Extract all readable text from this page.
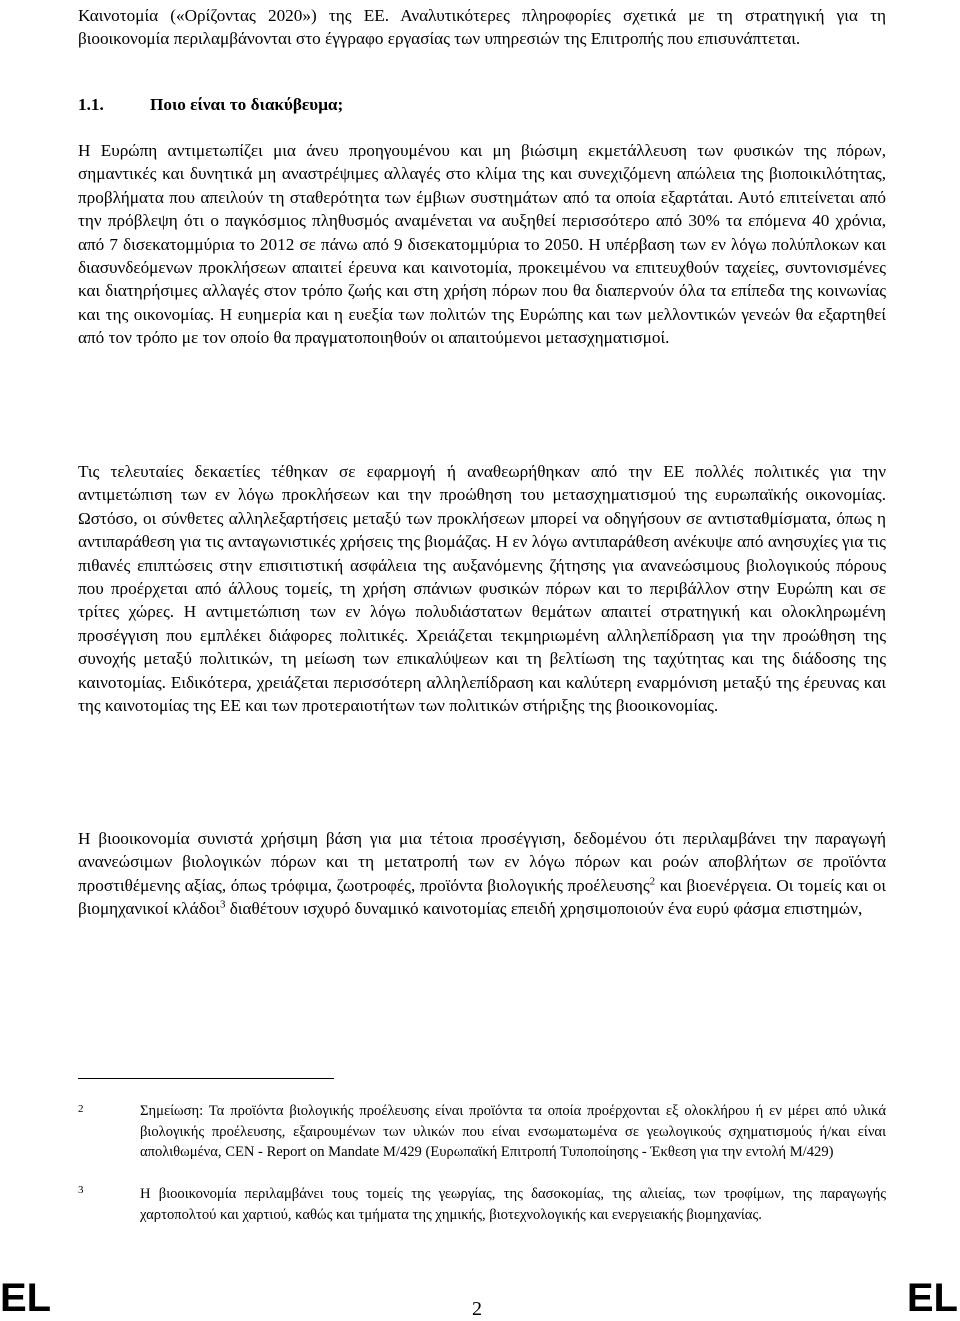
Καινοτομία («Ορίζοντας 2020») της ΕΕ. Αναλυτικότερες πληροφορίες σχετικά με τη στρατηγική για τη βιοοικονομία περιλαμβάνονται στο έγγραφο εργασίας των υπηρεσιών της Επιτροπής που επισυνάπτεται.

1.1.	Ποιο είναι το διακύβευμα;

Η Ευρώπη αντιμετωπίζει μια άνευ προηγουμένου και μη βιώσιμη εκμετάλλευση των φυσικών της πόρων, σημαντικές και δυνητικά μη αναστρέψιμες αλλαγές στο κλίμα της και συνεχιζόμενη απώλεια της βιοποικιλότητας, προβλήματα που απειλούν τη σταθερότητα των έμβιων συστημάτων από τα οποία εξαρτάται. Αυτό επιτείνεται από την πρόβλεψη ότι ο παγκόσμιος πληθυσμός αναμένεται να αυξηθεί περισσότερο από 30% τα επόμενα 40 χρόνια, από 7 δισεκατομμύρια το 2012 σε πάνω από 9 δισεκατομμύρια το 2050. Η υπέρβαση των εν λόγω πολύπλοκων και διασυνδεόμενων προκλήσεων απαιτεί έρευνα και καινοτομία, προκειμένου να επιτευχθούν ταχείες, συντονισμένες και διατηρήσιμες αλλαγές στον τρόπο ζωής και στη χρήση πόρων που θα διαπερνούν όλα τα επίπεδα της κοινωνίας και της οικονομίας. Η ευημερία και η ευεξία των πολιτών της Ευρώπης και των μελλοντικών γενεών θα εξαρτηθεί από τον τρόπο με τον οποίο θα πραγματοποιηθούν οι απαιτούμενοι μετασχηματισμοί.

Τις τελευταίες δεκαετίες τέθηκαν σε εφαρμογή ή αναθεωρήθηκαν από την ΕΕ πολλές πολιτικές για την αντιμετώπιση των εν λόγω προκλήσεων και την προώθηση του μετασχηματισμού της ευρωπαϊκής οικονομίας. Ωστόσο, οι σύνθετες αλληλεξαρτήσεις μεταξύ των προκλήσεων μπορεί να οδηγήσουν σε αντισταθμίσματα, όπως η αντιπαράθεση για τις ανταγωνιστικές χρήσεις της βιομάζας. Η εν λόγω αντιπαράθεση ανέκυψε από ανησυχίες για τις πιθανές επιπτώσεις στην επισιτιστική ασφάλεια της αυξανόμενης ζήτησης για ανανεώσιμους βιολογικούς πόρους που προέρχεται από άλλους τομείς, τη χρήση σπάνιων φυσικών πόρων και το περιβάλλον στην Ευρώπη και σε τρίτες χώρες. Η αντιμετώπιση των εν λόγω πολυδιάστατων θεμάτων απαιτεί στρατηγική και ολοκληρωμένη προσέγγιση που εμπλέκει διάφορες πολιτικές. Χρειάζεται τεκμηριωμένη αλληλεπίδραση για την προώθηση της συνοχής μεταξύ πολιτικών, τη μείωση των επικαλύψεων και τη βελτίωση της ταχύτητας και της διάδοσης της καινοτομίας. Ειδικότερα, χρειάζεται περισσότερη αλληλεπίδραση και καλύτερη εναρμόνιση μεταξύ της έρευνας και της καινοτομίας της ΕΕ και των προτεραιοτήτων των πολιτικών στήριξης της βιοοικονομίας.

Η βιοοικονομία συνιστά χρήσιμη βάση για μια τέτοια προσέγγιση, δεδομένου ότι περιλαμβάνει την παραγωγή ανανεώσιμων βιολογικών πόρων και τη μετατροπή των εν λόγω πόρων και ροών αποβλήτων σε προϊόντα προστιθέμενης αξίας, όπως τρόφιμα, ζωοτροφές, προϊόντα βιολογικής προέλευσης$^2$ και βιοενέργεια. Οι τομείς και οι βιομηχανικοί κλάδοι$^3$ διαθέτουν ισχυρό δυναμικό καινοτομίας επειδή χρησιμοποιούν ένα ευρύ φάσμα επιστημών,

2	Σημείωση: Τα προϊόντα βιολογικής προέλευσης είναι προϊόντα τα οποία προέρχονται εξ ολοκλήρου ή εν μέρει από υλικά βιολογικής προέλευσης, εξαιρουμένων των υλικών που είναι ενσωματωμένα σε γεωλογικούς σχηματισμούς ή/και είναι απολιθωμένα, CEN - Report on Mandate M/429 (Ευρωπαϊκή Επιτροπή Τυποποίησης - Έκθεση για την εντολή M/429)

3	Η βιοοικονομία περιλαμβάνει τους τομείς της γεωργίας, της δασοκομίας, της αλιείας, των τροφίμων, της παραγωγής χαρτοπολτού και χαρτιού, καθώς και τμήματα της χημικής, βιοτεχνολογικής και ενεργειακής βιομηχανίας.

EL	2	EL
